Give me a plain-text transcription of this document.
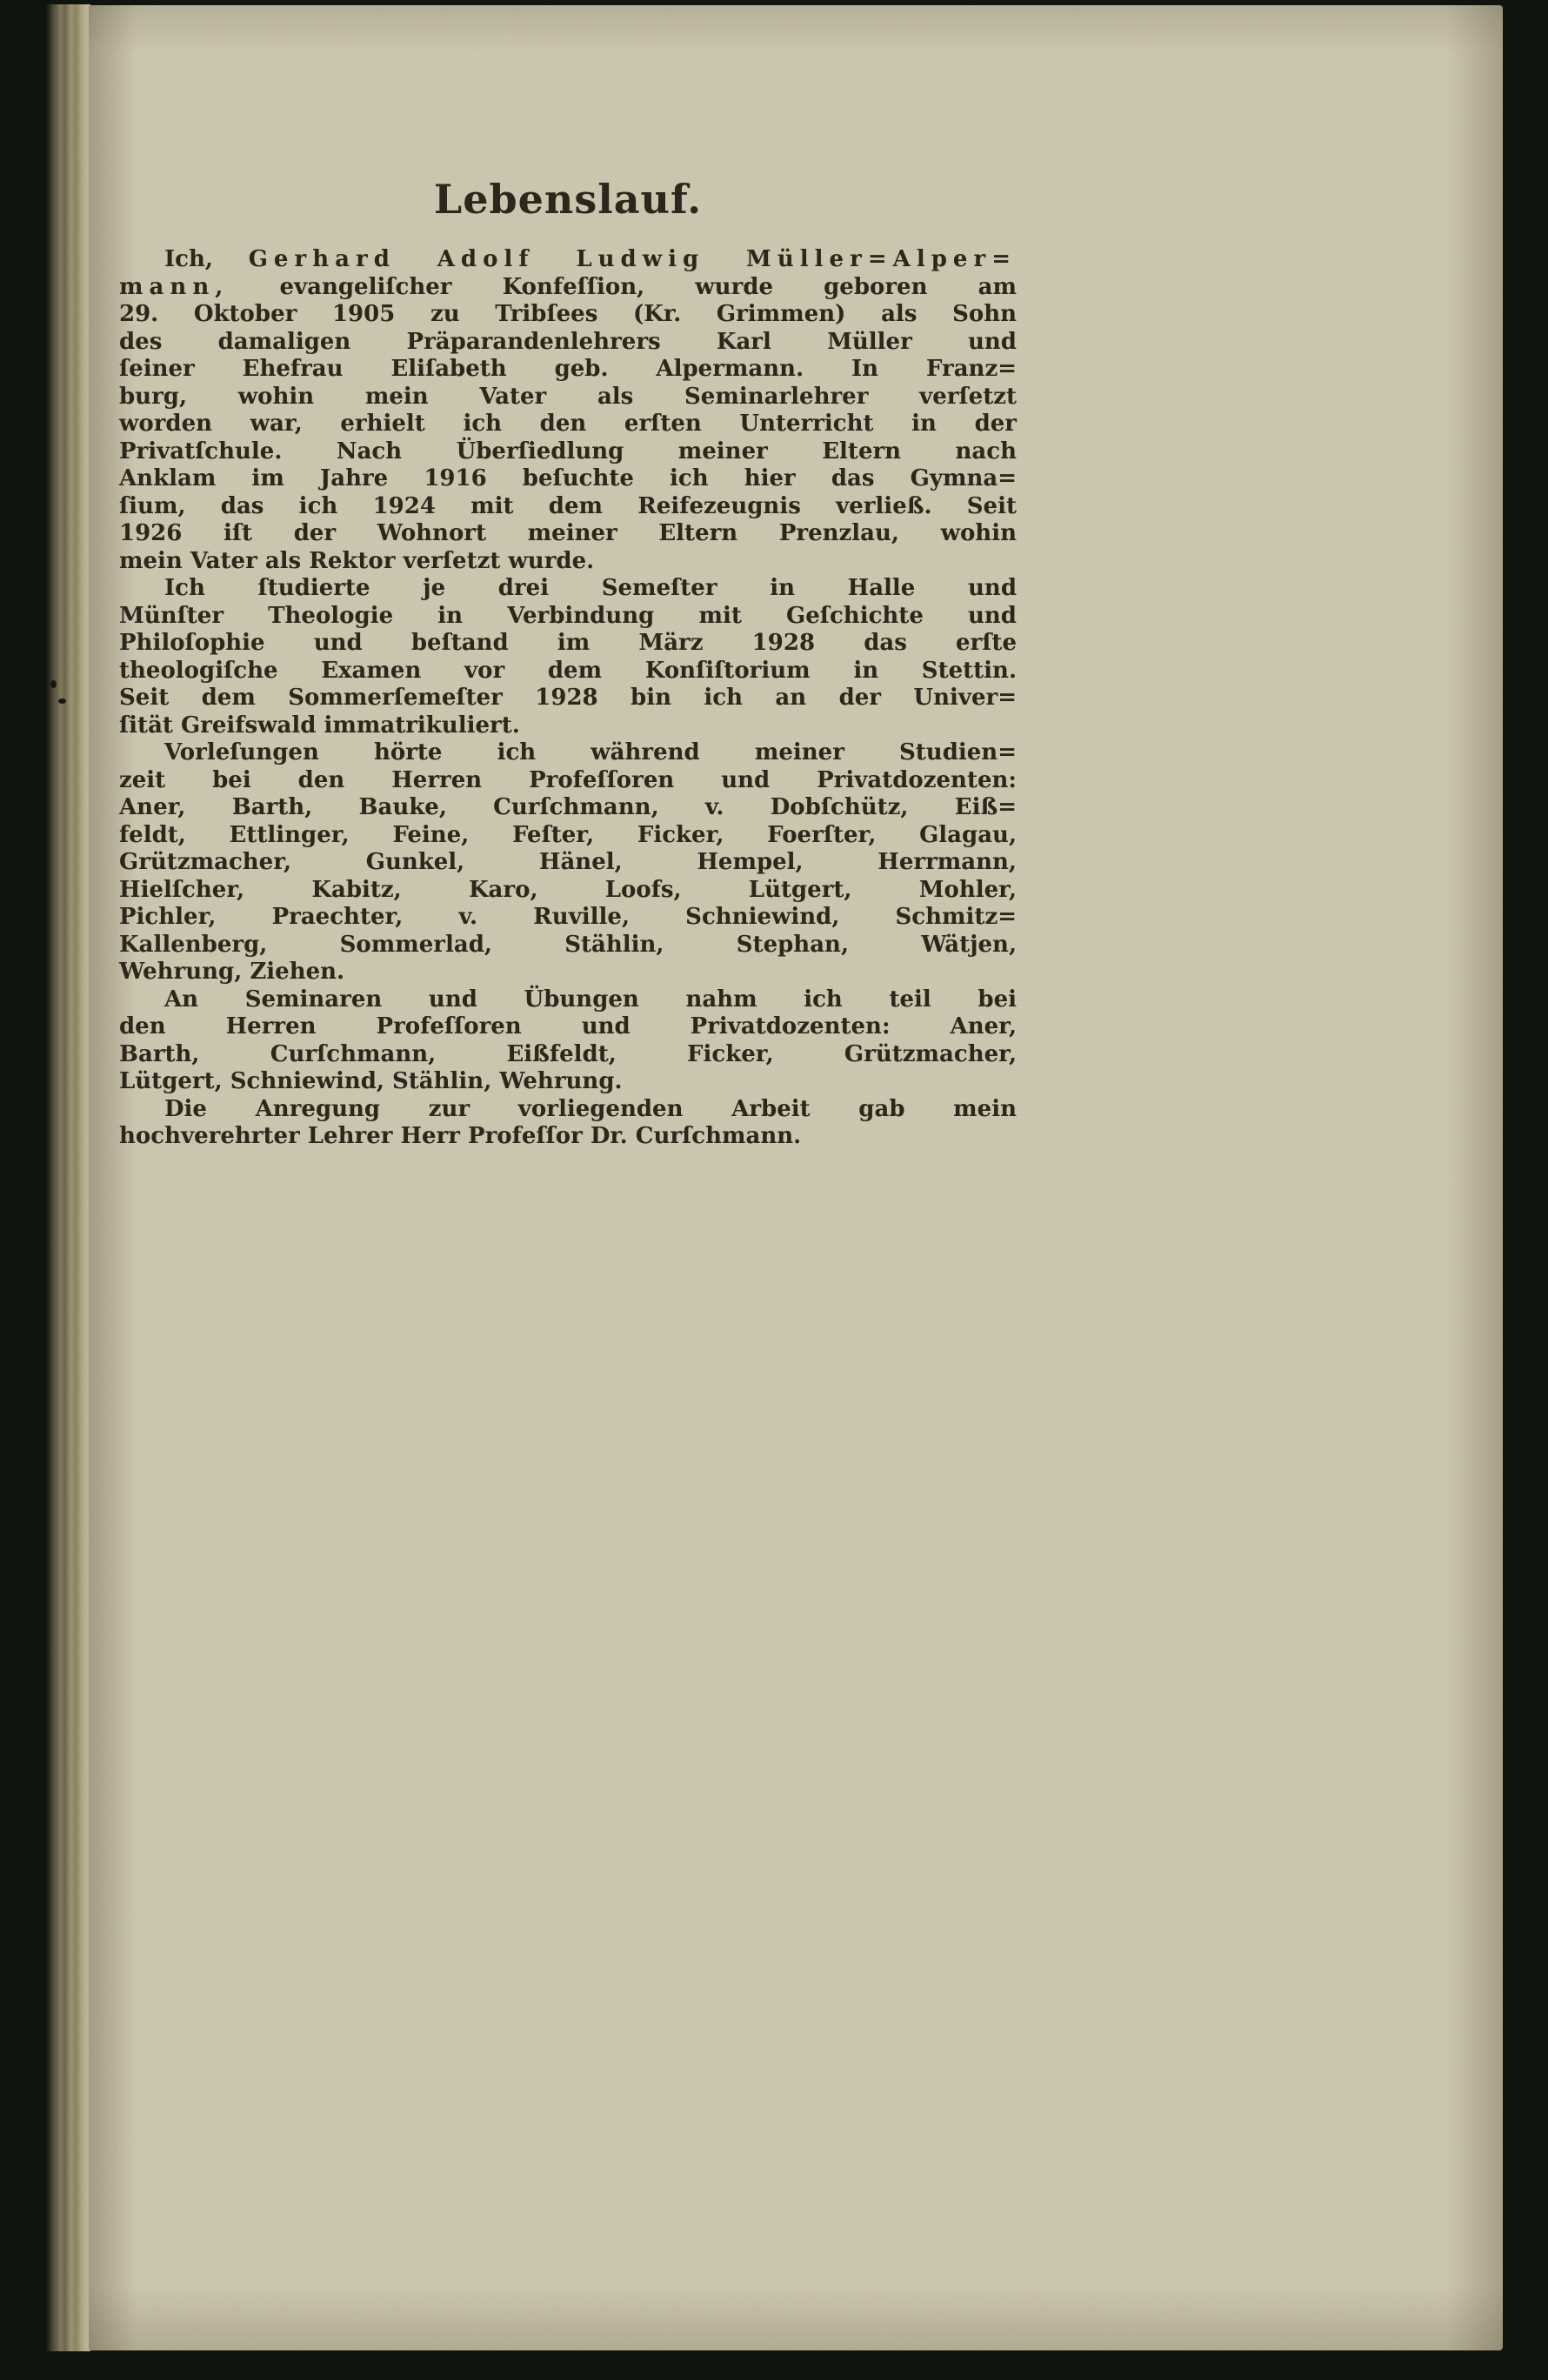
Lebenslauf.
Ich, Gerhard Adolf Ludwig Müller=Alper=
mann, evangeliſcher Konfeſſion, wurde geboren am
29. Oktober 1905 zu Tribſees (Kr. Grimmen) als Sohn
des damaligen Präparandenlehrers Karl Müller und
ſeiner Ehefrau Eliſabeth geb. Alpermann. In Franz=
burg, wohin mein Vater als Seminarlehrer verſetzt
worden war, erhielt ich den erſten Unterricht in der
Privatſchule. Nach Überſiedlung meiner Eltern nach
Anklam im Jahre 1916 beſuchte ich hier das Gymna=
ſium, das ich 1924 mit dem Reifezeugnis verließ. Seit
1926 iſt der Wohnort meiner Eltern Prenzlau, wohin
mein Vater als Rektor verſetzt wurde.
Ich ſtudierte je drei Semeſter in Halle und
Münſter Theologie in Verbindung mit Geſchichte und
Philoſophie und beſtand im März 1928 das erſte
theologiſche Examen vor dem Konſiſtorium in Stettin.
Seit dem Sommerſemeſter 1928 bin ich an der Univer=
ſität Greifswald immatrikuliert.
Vorleſungen hörte ich während meiner Studien=
zeit bei den Herren Profeſſoren und Privatdozenten:
Aner, Barth, Bauke, Curſchmann, v. Dobſchütz, Eiß=
feldt, Ettlinger, Feine, Feſter, Ficker, Foerſter, Glagau,
Grützmacher, Gunkel, Hänel, Hempel, Herrmann,
Hielſcher, Kabitz, Karo, Loofs, Lütgert, Mohler,
Pichler, Praechter, v. Ruville, Schniewind, Schmitz=
Kallenberg, Sommerlad, Stählin, Stephan, Wätjen,
Wehrung, Ziehen.
An Seminaren und Übungen nahm ich teil bei
den Herren Profeſſoren und Privatdozenten: Aner,
Barth, Curſchmann, Eißfeldt, Ficker, Grützmacher,
Lütgert, Schniewind, Stählin, Wehrung.
Die Anregung zur vorliegenden Arbeit gab mein
hochverehrter Lehrer Herr Profeſſor Dr. Curſchmann.
